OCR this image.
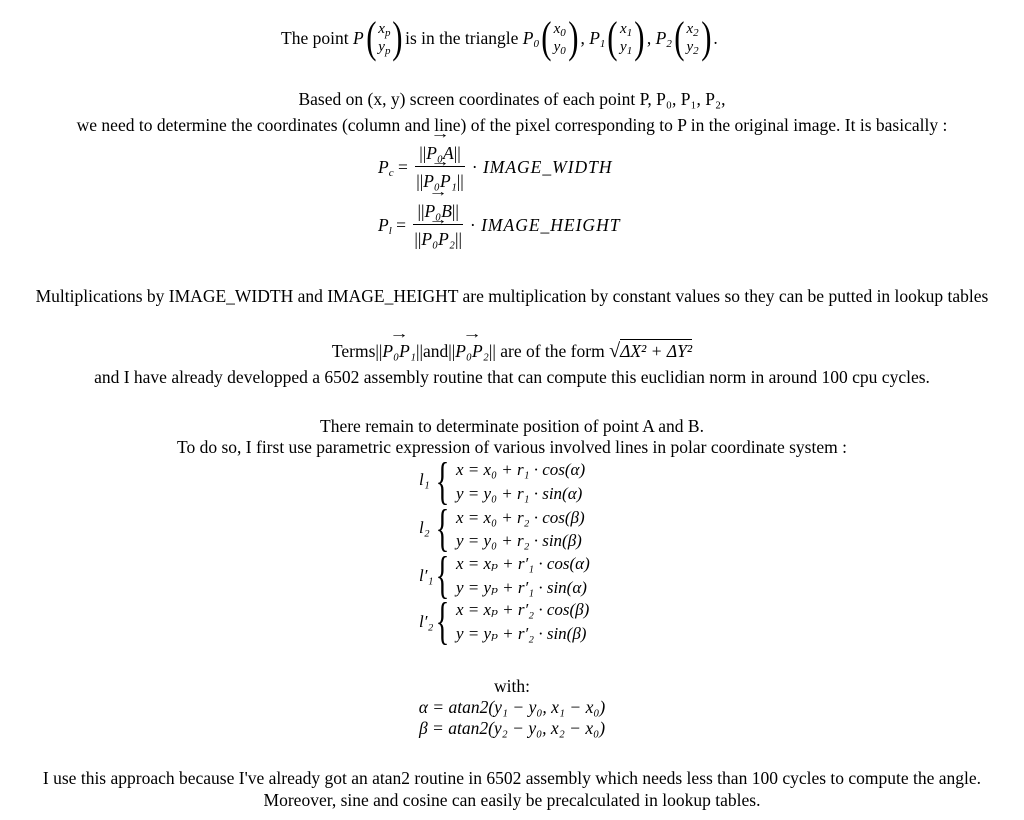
The point
P ( $x_p$
$y_p$ ) is in the triangle
$P_0$ ( $x_0$
$y_0$ ) , $P_1$ ( $x_1$
$y_1$ ) , $P_2$ ( $x_2$
$y_2$ ) .
Based on (x, y) screen coordinates of each point P, P₀, P₁, P₂,
we need to determine the coordinates (column and line) of the pixel corresponding to P in the original image. It is basically :
$P_c = \frac{\text{||→ P₀A||}}{\text{||→ P₀P₁||}}$
· IMAGE_WIDTH
$P_l = \frac{\text{||→ P₀B||}}{\text{||→ P₀P₂||}}$
· IMAGE_HEIGHT
Multiplications by IMAGE_WIDTH and IMAGE_HEIGHT are multiplication by constant values so they can be putted in lookup tables
Terms||→ P₀P₁||and||→ P₀P₂|| are of the form √ΔX² + ΔY²
and I have already developped a 6502 assembly routine that can compute this euclidian norm in around 100 cpu cycles.
There remain to determinate position of point A and B.
To do so, I first use parametric expression of various involved lines in polar coordinate system :
l₁ { x = x₀ + r₁ · cos(α)
y = y₀ + r₁ · sin(α)
l₂ { x = x₀ + r₂ · cos(β)
y = y₀ + r₂ · sin(β)
l′₁ { x = xₚ + r′₁ · cos(α)
y = yₚ + r′₁ · sin(α)
l′₂ { x = xₚ + r′₂ · cos(β)
y = yₚ + r′₂ · sin(β)
with:
α = atan2(y₁ − y₀, x₁ − x₀)
β = atan2(y₂ − y₀, x₂ − x₀)
I use this approach because I've already got an atan2 routine in 6502 assembly which needs less than 100 cycles to compute the angle.
Moreover, sine and cosine can easily be precalculated in lookup tables.
